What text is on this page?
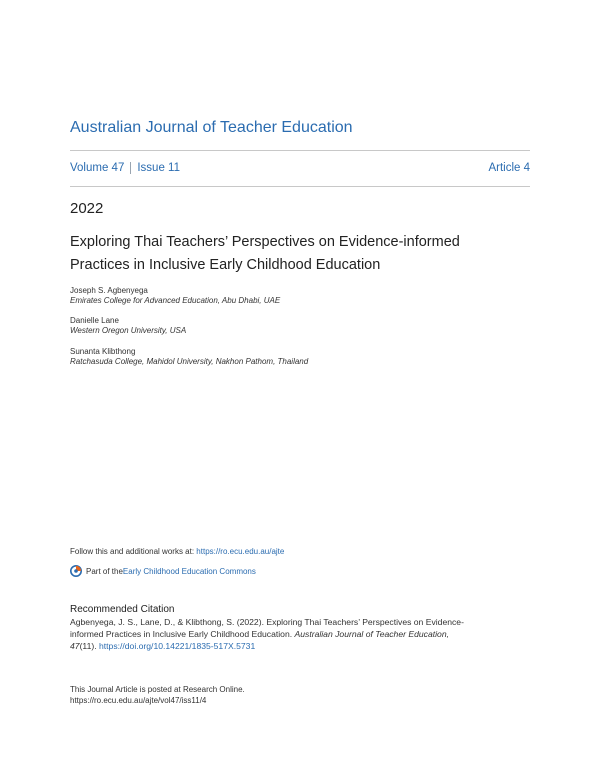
Australian Journal of Teacher Education
Volume 47 Issue 11	Article 4
2022
Exploring Thai Teachers’ Perspectives on Evidence-informed
Practices in Inclusive Early Childhood Education
Joseph S. Agbenyega
Emirates College for Advanced Education, Abu Dhabi, UAE
Danielle Lane
Western Oregon University, USA
Sunanta Klibthong
Ratchasuda College, Mahidol University, Nakhon Pathom, Thailand
Follow this and additional works at: https://ro.ecu.edu.au/ajte
Part of the Early Childhood Education Commons
Recommended Citation
Agbenyega, J. S., Lane, D., & Klibthong, S. (2022). Exploring Thai Teachers’ Perspectives on Evidence-
informed Practices in Inclusive Early Childhood Education. Australian Journal of Teacher Education,
47(11). https://doi.org/10.14221/1835-517X.5731
This Journal Article is posted at Research Online.
https://ro.ecu.edu.au/ajte/vol47/iss11/4
